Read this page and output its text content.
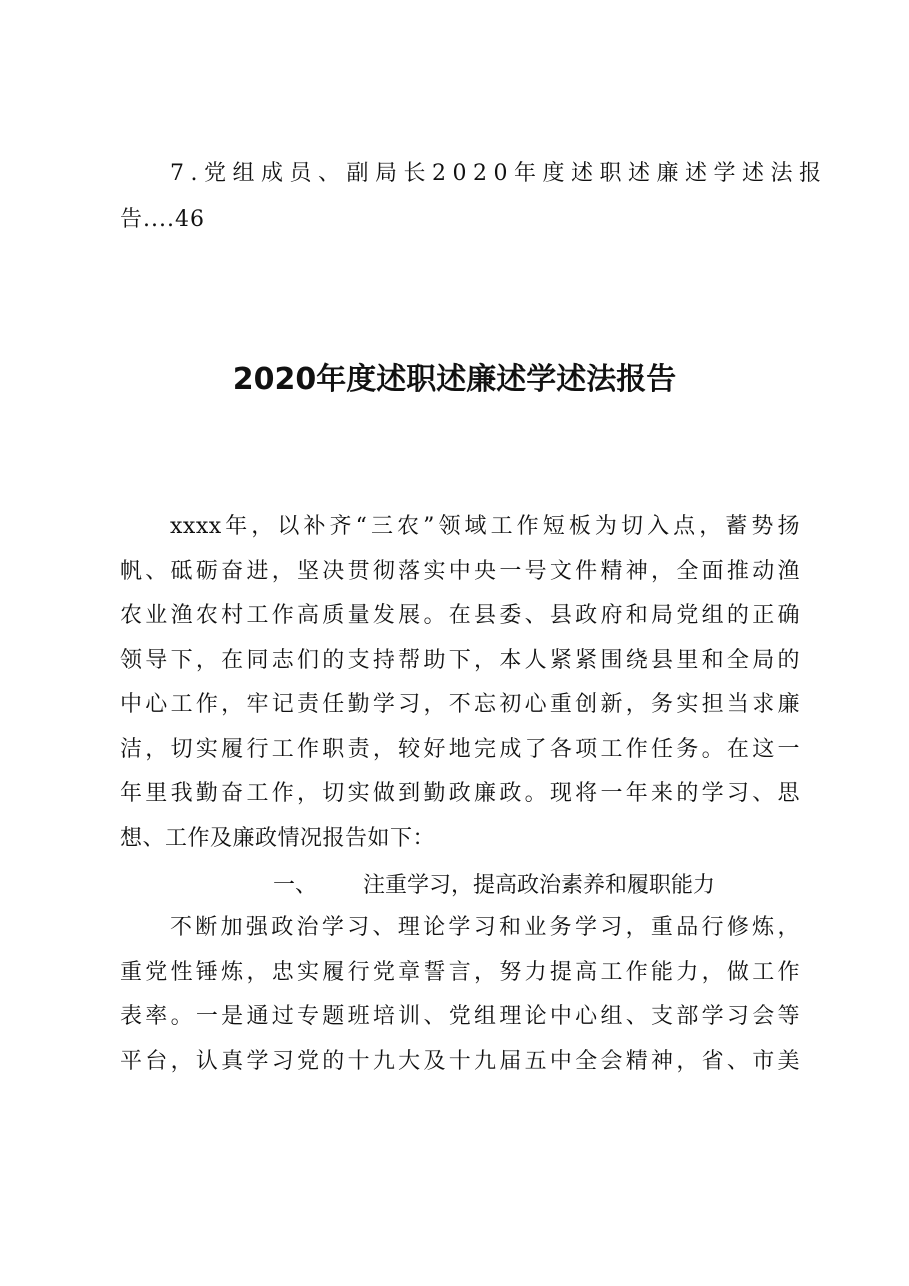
7.党组成员、副局长2020年度述职述廉述学述法报
告....46
2020年度述职述廉述学述法报告
xxxx年，以补齐“三农”领域工作短板为切入点，蓄势扬
帆、砥砺奋进，坚决贯彻落实中央一号文件精神，全面推动渔
农业渔农村工作高质量发展。在县委、县政府和局党组的正确
领导下，在同志们的支持帮助下，本人紧紧围绕县里和全局的
中心工作，牢记责任勤学习，不忘初心重创新，务实担当求廉
洁，切实履行工作职责，较好地完成了各项工作任务。在这一
年里我勤奋工作，切实做到勤政廉政。现将一年来的学习、思
想、工作及廉政情况报告如下：
一、 注重学习，提高政治素养和履职能力
不断加强政治学习、理论学习和业务学习，重品行修炼，
重党性锤炼，忠实履行党章誓言，努力提高工作能力，做工作
表率。一是通过专题班培训、党组理论中心组、支部学习会等
平台，认真学习党的十九大及十九届五中全会精神，省、市美
